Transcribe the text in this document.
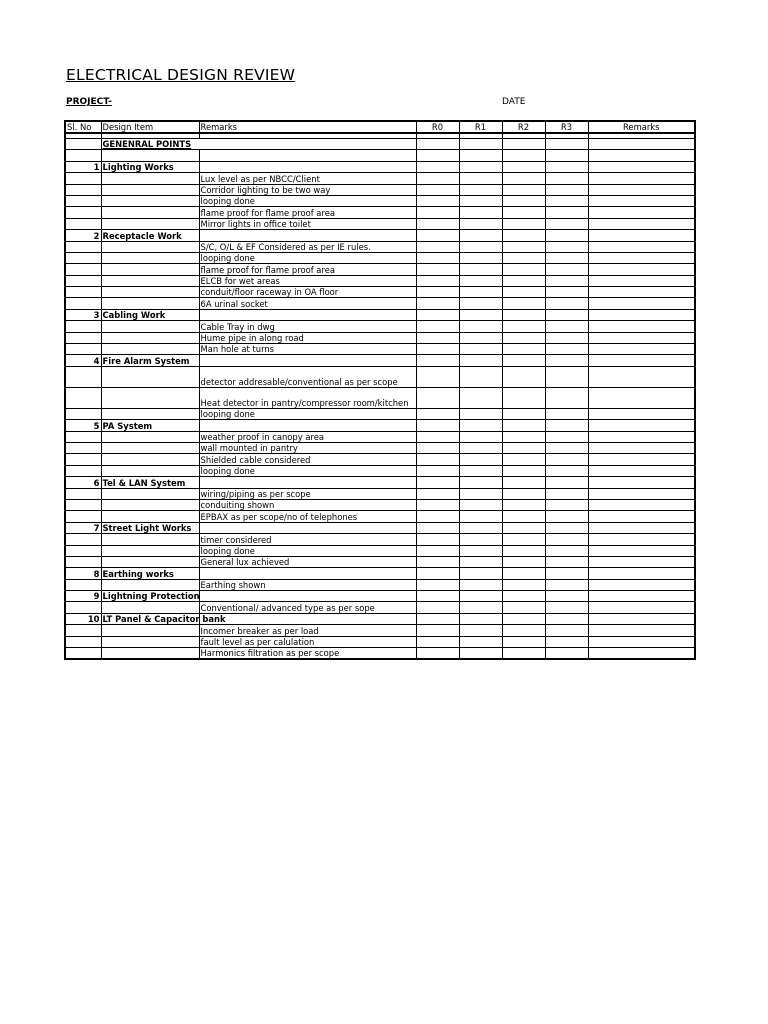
ELECTRICAL DESIGN REVIEW
PROJECT-	DATE
Sl. No	Design Item	Remarks	R0	R1	R2	R3	Remarks

	GENENRAL POINTS						

1	Lighting Works						
		Lux level as per NBCC/Client					
		Corridor lighting to be two way					
		looping done					
		flame proof for flame proof area					
		Mirror lights in office toilet					
2	Receptacle Work						
		S/C, O/L & EF Considered as per IE rules.					
		looping done					
		flame proof for flame proof area					
		ELCB for wet areas					
		conduit/floor raceway in OA floor					
		6A urinal socket					
3	Cabling Work						
		Cable Tray in dwg					
		Hume pipe in along road					
		Man hole at turns					
4	Fire Alarm System						
		detector addresable/conventional as per scope					
		Heat detector in pantry/compressor room/kitchen					
		looping done					
5	PA System						
		weather proof in canopy area					
		wall mounted in pantry					
		Shielded cable considered					
		looping done					
6	Tel & LAN System						
		wiring/piping as per scope					
		conduiting shown					
		EPBAX as per scope/no of telephones					
7	Street Light Works						
		timer considered					
		looping done					
		General lux achieved					
8	Earthing works						
		Earthing shown					
9	Lightning Protection						
		Conventional/ advanced type as per sope					
10	LT Panel & Capacitor bank						
		Incomer breaker as per load					
		fault level as per calulation					
		Harmonics filtration as per scope					
